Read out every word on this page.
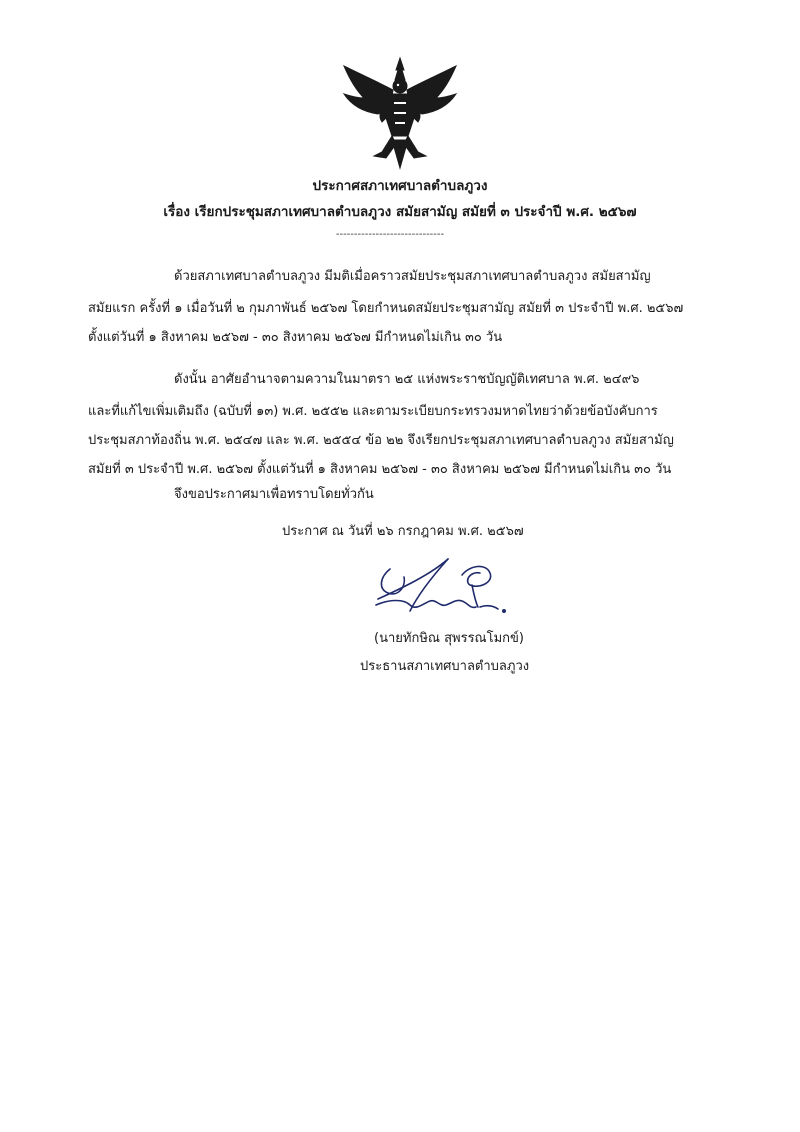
ประกาศสภาเทศบาลตำบลภูวง
เรื่อง เรียกประชุมสภาเทศบาลตำบลภูวง สมัยสามัญ สมัยที่ ๓ ประจำปี พ.ศ. ๒๕๖๗
------------------------------
ด้วยสภาเทศบาลตำบลภูวง มีมติเมื่อคราวสมัยประชุมสภาเทศบาลตำบลภูวง สมัยสามัญ
สมัยแรก ครั้งที่ ๑ เมื่อวันที่ ๒ กุมภาพันธ์ ๒๕๖๗ โดยกำหนดสมัยประชุมสามัญ สมัยที่ ๓ ประจำปี พ.ศ. ๒๕๖๗
ตั้งแต่วันที่ ๑ สิงหาคม ๒๕๖๗ - ๓๐ สิงหาคม ๒๕๖๗ มีกำหนดไม่เกิน ๓๐ วัน
ดังนั้น อาศัยอำนาจตามความในมาตรา ๒๕ แห่งพระราชบัญญัติเทศบาล พ.ศ. ๒๔๙๖
และที่แก้ไขเพิ่มเติมถึง (ฉบับที่ ๑๓) พ.ศ. ๒๕๕๒ และตามระเบียบกระทรวงมหาดไทยว่าด้วยข้อบังคับการ
ประชุมสภาท้องถิ่น พ.ศ. ๒๕๔๗ และ พ.ศ. ๒๕๕๔ ข้อ ๒๒ จึงเรียกประชุมสภาเทศบาลตำบลภูวง สมัยสามัญ
สมัยที่ ๓ ประจำปี พ.ศ. ๒๕๖๗ ตั้งแต่วันที่ ๑ สิงหาคม ๒๕๖๗ - ๓๐ สิงหาคม ๒๕๖๗ มีกำหนดไม่เกิน ๓๐ วัน
จึงขอประกาศมาเพื่อทราบโดยทั่วกัน
ประกาศ ณ วันที่ ๒๖ กรกฎาคม พ.ศ. ๒๕๖๗
(นายทักษิณ สุพรรณโมกข์)
ประธานสภาเทศบาลตำบลภูวง
